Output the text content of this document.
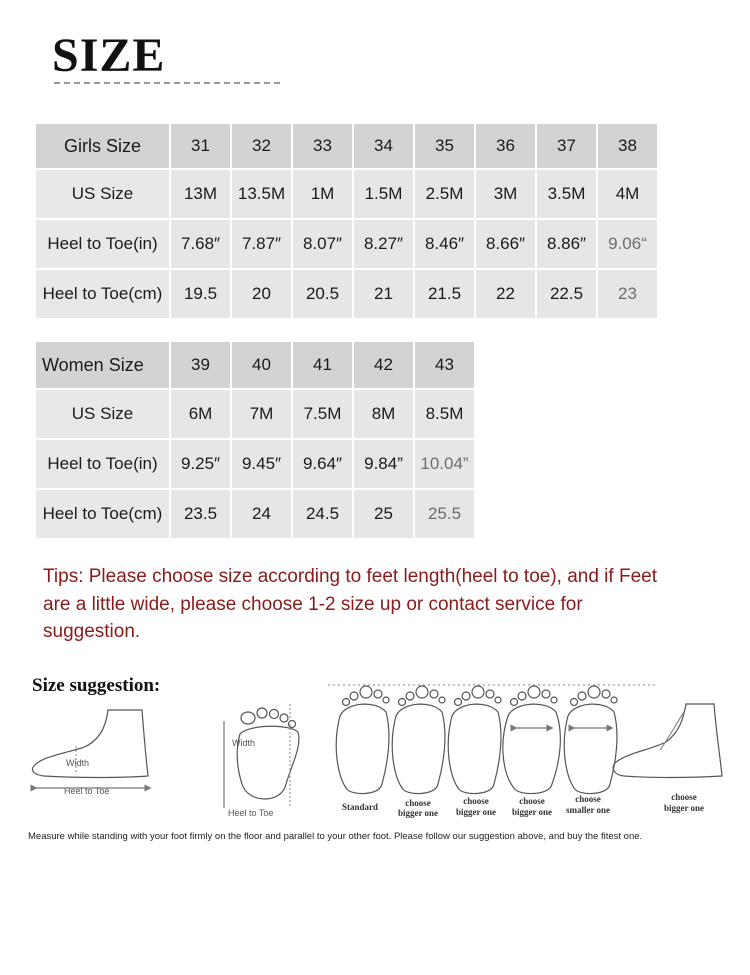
SIZE
Girls Size	31	32	33	34	35	36	37	38
US Size	13M	13.5M	1M	1.5M	2.5M	3M	3.5M	4M
Heel to Toe(in)	7.68″	7.87″	8.07″	8.27″	8.46″	8.66″	8.86″	9.06“
Heel to Toe(cm)	19.5	20	20.5	21	21.5	22	22.5	23
Women Size	39	40	41	42	43
US Size	6M	7M	7.5M	8M	8.5M
Heel to Toe(in)	9.25″	9.45″	9.64″	9.84”	10.04”
Heel to Toe(cm)	23.5	24	24.5	25	25.5
Tips: Please choose size according to feet length(heel to toe), and if Feet are a little wide, please choose 1-2 size up or contact service for suggestion.
Size suggestion:
Width
Heel to Toe
Width
Heel to Toe
Standard	choose
bigger one
choose
bigger one
choose
bigger one
choose
smaller one
choose
bigger one
Measure while standing with your foot firmly on the floor and parallel to your other foot. Please follow our suggestion above, and buy the fitest one.
